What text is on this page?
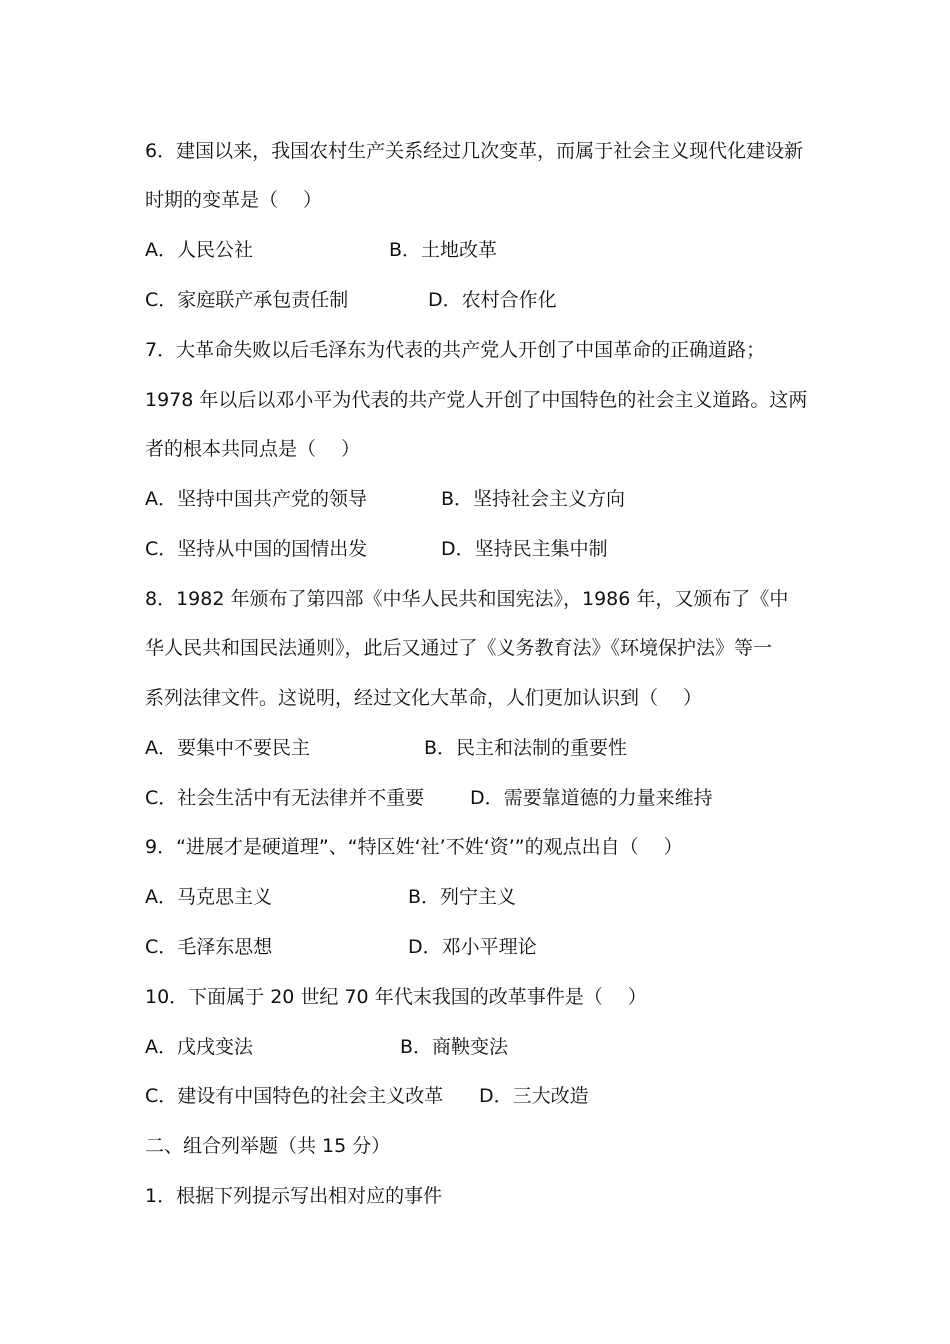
6．建国以来，我国农村生产关系经过几次变革，而属于社会主义现代化建设新
时期的变革是（　 ）
A．人民公社	B．土地改革
C．家庭联产承包责任制	D．农村合作化
7．大革命失败以后毛泽东为代表的共产党人开创了中国革命的正确道路；
1978 年以后以邓小平为代表的共产党人开创了中国特色的社会主义道路。这两
者的根本共同点是（　 ）
A．坚持中国共产党的领导	B．坚持社会主义方向
C．坚持从中国的国情出发	D．坚持民主集中制
8．1982 年颁布了第四部《中华人民共和国宪法》，1986 年，又颁布了《中
华人民共和国民法通则》，此后又通过了《义务教育法》《环境保护法》等一
系列法律文件。这说明，经过文化大革命，人们更加认识到（　 ）
A．要集中不要民主	B．民主和法制的重要性
C．社会生活中有无法律并不重要 D．需要靠道德的力量来维持
9．“进展才是硬道理”、“特区姓‘社’不姓‘资’”的观点出自（　 ）
A．马克思主义	B．列宁主义
C．毛泽东思想	D．邓小平理论
10．下面属于 20 世纪 70 年代末我国的改革事件是（　 ）
A．戊戌变法	B．商鞅变法
C．建设有中国特色的社会主义改革 D．三大改造
二、组合列举题（共 15 分）
1．根据下列提示写出相对应的事件
